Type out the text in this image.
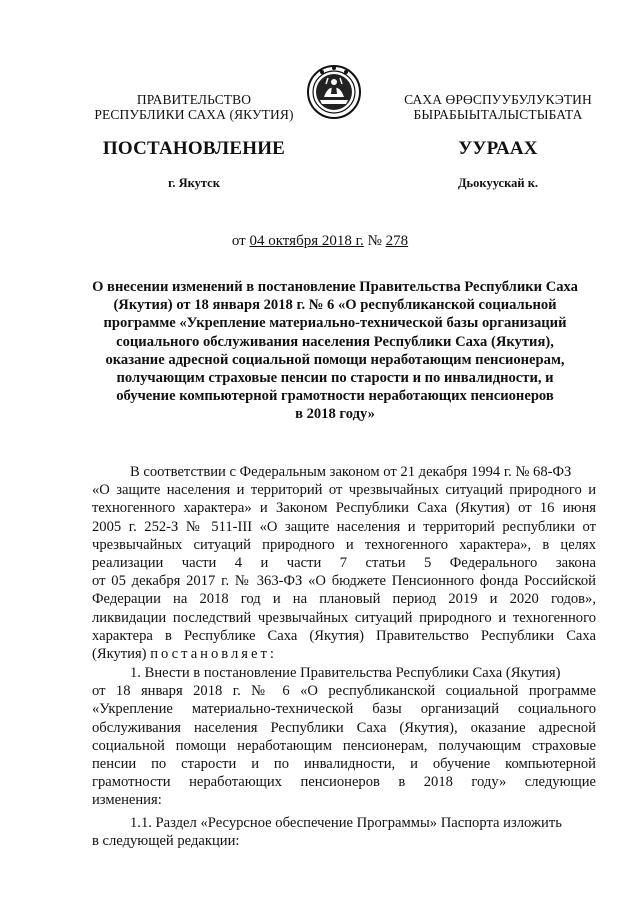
ПРАВИТЕЛЬСТВО
РЕСПУБЛИКИ САХА (ЯКУТИЯ)
САХА ӨРӨСПУУБУЛУКЭТИН
БЫРАБЫЫТАЛЫСТЫБАТА
ПОСТАНОВЛЕНИЕ	УУРААХ
г. Якутск	Дьокуускай к.
от 04 октября 2018 г. № 278
О внесении изменений в постановление Правительства Республики Саха
(Якутия) от 18 января 2018 г. № 6 «О республиканской социальной
программе «Укрепление материально-технической базы организаций
социального обслуживания населения Республики Саха (Якутия),
оказание адресной социальной помощи неработающим пенсионерам,
получающим страховые пенсии по старости и по инвалидности, и
обучение компьютерной грамотности неработающих пенсионеров
в 2018 году»
В соответствии с Федеральным законом от 21 декабря 1994 г. № 68-ФЗ
«О защите населения и территорий от чрезвычайных ситуаций природного и
техногенного характера» и Законом Республики Саха (Якутия) от 16 июня
2005 г. 252-З № 511-III «О защите населения и территорий республики от
чрезвычайных ситуаций природного и техногенного характера», в целях
реализации части 4 и части 7 статьи 5 Федерального закона
от 05 декабря 2017 г. № 363-ФЗ «О бюджете Пенсионного фонда Российской
Федерации на 2018 год и на плановый период 2019 и 2020 годов»,
ликвидации последствий чрезвычайных ситуаций природного и техногенного
характера в Республике Саха (Якутия) Правительство Республики Саха
(Якутия) постановляет:
1. Внести в постановление Правительства Республики Саха (Якутия)
от 18 января 2018 г. № 6 «О республиканской социальной программе
«Укрепление материально-технической базы организаций социального
обслуживания населения Республики Саха (Якутия), оказание адресной
социальной помощи неработающим пенсионерам, получающим страховые
пенсии по старости и по инвалидности, и обучение компьютерной
грамотности неработающих пенсионеров в 2018 году» следующие
изменения:
1.1. Раздел «Ресурсное обеспечение Программы» Паспорта изложить
в следующей редакции:
